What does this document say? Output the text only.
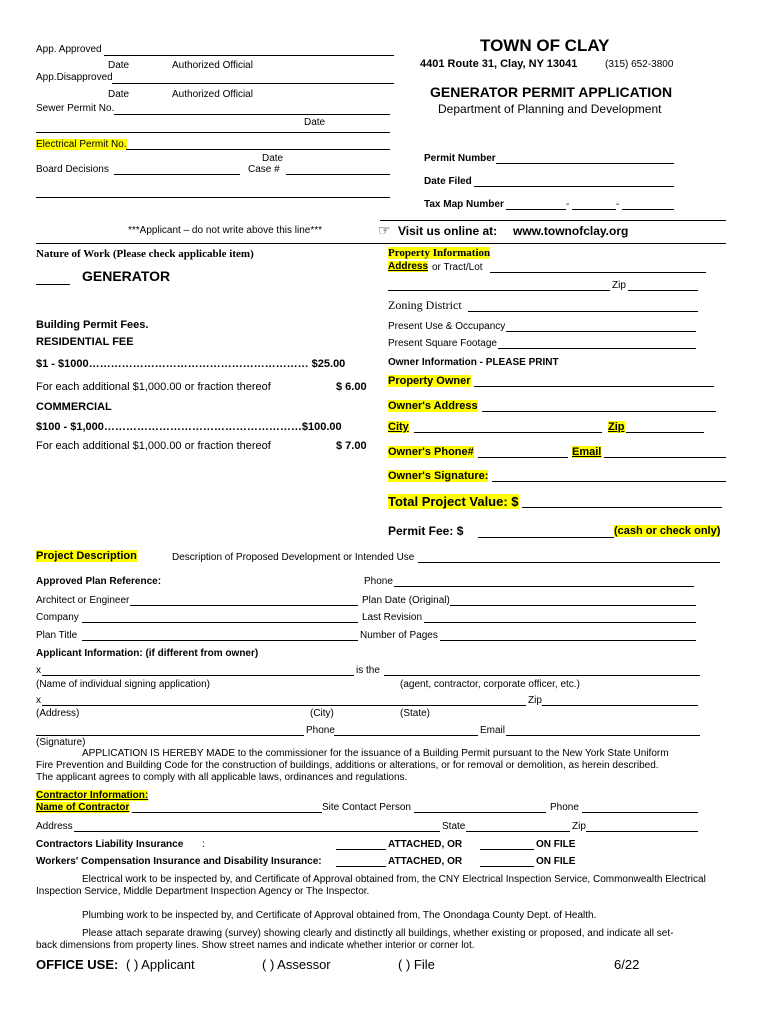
App. Approved
Date	Authorized Official
App.Disapproved
Date	Authorized Official
Sewer Permit No.
Date
Electrical Permit No.
Date
Board Decisions	Case #
***Applicant – do not write above this line***
TOWN OF CLAY
4401 Route 31, Clay, NY 13041	(315) 652-3800
GENERATOR PERMIT APPLICATION
Department of Planning and Development
Permit Number
Date Filed
Tax Map Number	-	-
☞ Visit us online at: www.townofclay.org
Nature of Work (Please check applicable item)
GENERATOR
Building Permit Fees.
RESIDENTIAL FEE
$1 - $1000…………………………………………………… $25.00
For each additional $1,000.00 or fraction thereof	$ 6.00
COMMERCIAL
$100 - $1,000………………………………………………$100.00
For each additional $1,000.00 or fraction thereof	$ 7.00
Property Information
Address or Tract/Lot
Zip
Zoning District
Present Use & Occupancy
Present Square Footage
Owner Information - PLEASE PRINT
Property Owner
Owner's Address
City	Zip
Owner's Phone#	Email
Owner's Signature:
Total Project Value: $
Permit Fee: $	(cash or check only)
Project Description	Description of Proposed Development or Intended Use
Approved Plan Reference:	Phone
Architect or Engineer	Plan Date (Original)
Company	Last Revision
Plan Title	Number of Pages
Applicant Information: (if different from owner)
x	is the
(Name of individual signing application)	(agent, contractor, corporate officer, etc.)
x	Zip
(Address)	(City)	(State)
Phone	Email
(Signature)
APPLICATION IS HEREBY MADE to the commissioner for the issuance of a Building Permit pursuant to the New York State Uniform Fire Prevention and Building Code for the construction of buildings, additions or alterations, or for removal or demolition, as herein described. The applicant agrees to comply with all applicable laws, ordinances and regulations.
Contractor Information:
Name of Contractor	Site Contact Person	Phone
Address	State	Zip
Contractors Liability Insurance :	ATTACHED, OR	ON FILE
Workers' Compensation Insurance and Disability Insurance:	ATTACHED, OR	ON FILE
Electrical work to be inspected by, and Certificate of Approval obtained from, the CNY Electrical Inspection Service, Commonwealth Electrical Inspection Service, Middle Department Inspection Agency or The Inspector.
Plumbing work to be inspected by, and Certificate of Approval obtained from, The Onondaga County Dept. of Health.
Please attach separate drawing (survey) showing clearly and distinctly all buildings, whether existing or proposed, and indicate all set-back dimensions from property lines. Show street names and indicate whether interior or corner lot.
OFFICE USE: ( ) Applicant	( ) Assessor	( ) File	6/22
